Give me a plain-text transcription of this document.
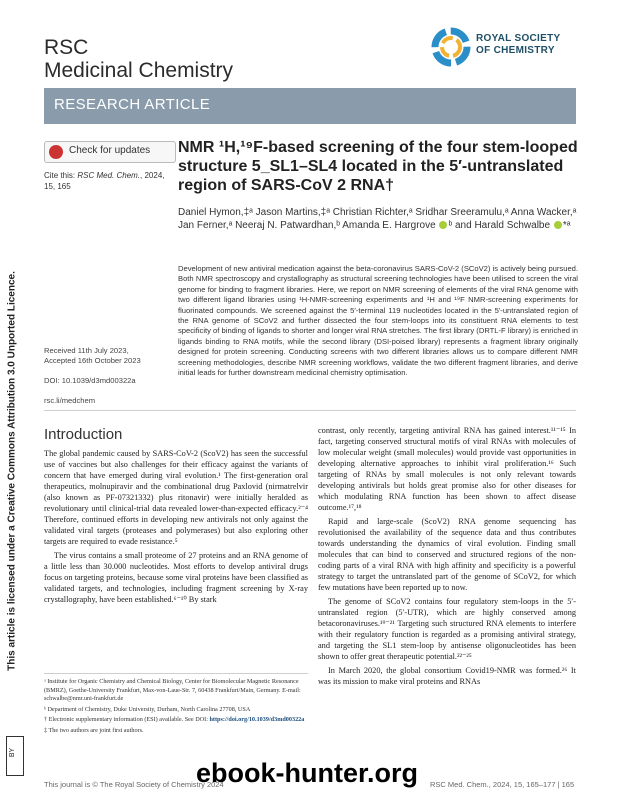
RSC
Medicinal Chemistry
ROYAL SOCIETY
OF CHEMISTRY
RESEARCH ARTICLE
Check for updates
Cite this: RSC Med. Chem., 2024, 15, 165
NMR ¹H,¹⁹F-based screening of the four stem-looped structure 5_SL1–SL4 located in the 5′-untranslated region of SARS-CoV 2 RNA†
Daniel Hymon,‡ᵃ Jason Martins,‡ᵃ Christian Richter,ᵃ Sridhar Sreeramulu,ᵃ Anna Wacker,ᵃ Jan Ferner,ᵃ Neeraj N. Patwardhan,ᵇ Amanda E. Hargrove ᵇ and Harald Schwalbe *ᵃ
Development of new antiviral medication against the beta-coronavirus SARS-CoV-2 (SCoV2) is actively being pursued. Both NMR spectroscopy and crystallography as structural screening technologies have been utilised to screen the viral genome for binding to fragment libraries. Here, we report on NMR screening of elements of the viral RNA genome with two different ligand libraries using ¹H-NMR-screening experiments and ¹H and ¹⁹F NMR-screening experiments for fluorinated compounds. We screened against the 5′-terminal 119 nucleotides located in the 5′-untranslated region of the RNA genome of SCoV2 and further dissected the four stem-loops into its constituent RNA elements to test specificity of binding of ligands to shorter and longer viral RNA stretches. The first library (DRTL-F library) is enriched in ligands binding to RNA motifs, while the second library (DSI-poised library) represents a fragment library originally designed for protein screening. Conducting screens with two different libraries allows us to compare different NMR screening methodologies, describe NMR screening workflows, validate the two different fragment libraries, and derive initial leads for further downstream medicinal chemistry optimisation.
Received 11th July 2023,
Accepted 16th October 2023
DOI: 10.1039/d3md00322a
rsc.li/medchem
Introduction

The global pandemic caused by SARS-CoV-2 (ScoV2) has seen the successful use of vaccines but also challenges for their efficacy against the variants of concern that have emerged during viral evolution.¹ The first-generation oral therapeutics, molnupiravir and the combinational drug Paxlovid (nirmatrelvir (also known as PF-07321332) plus ritonavir) were initially heralded as revolutionary until clinical-trial data revealed lower-than-expected efficacy.²⁻⁴ Therefore, continued efforts in developing new antivirals not only against the validated viral targets (proteases and polymerases) but also exploring other targets are required to evade resistance.⁵

The virus contains a small proteome of 27 proteins and an RNA genome of a little less than 30.000 nucleotides. Most efforts to develop antiviral drugs focus on targeting proteins, because some viral proteins have been classified as validated targets, and technologies, including fragment screening by X-ray crystallography, have been established.⁶⁻¹⁰ By stark

contrast, only recently, targeting antiviral RNA has gained interest.¹¹⁻¹⁵ In fact, targeting conserved structural motifs of viral RNAs with molecules of low molecular weight (small molecules) would provide vast opportunities in developing alternative approaches to inhibit viral proliferation.¹⁶ Such targeting of RNAs by small molecules is not only relevant towards developing antivirals but holds great promise also for other diseases for which modulating RNA function has been shown to affect disease outcome.¹⁷,¹⁸

Rapid and large-scale (ScoV2) RNA genome sequencing has revolutionised the availability of the sequence data and thus contributes towards understanding the dynamics of viral evolution. Finding small molecules that can bind to conserved and structured regions of the non-coding parts of a viral RNA with high affinity and specificity is a powerful strategy to target the untranslated part of the genome of SCoV2, for which few mutations have been reported up to now.

The genome of SCoV2 contains four regulatory stem-loops in the 5′-untranslated region (5′-UTR), which are highly conserved among betacoronaviruses.¹⁹⁻²¹ Targeting such structured RNA elements to interfere with their regulatory function is regarded as a promising antiviral strategy, and targeting the SL1 stem-loop by antisense oligonucleotides has been shown to offer great therapeutic potential.²²⁻²⁵

In March 2020, the global consortium Covid19-NMR was formed.²⁶ It was its mission to make viral proteins and RNAs

ᵃ Institute for Organic Chemistry and Chemical Biology, Center for Biomolecular Magnetic Resonance (BMRZ), Goethe-University Frankfurt, Max-von-Laue-Str. 7, 60438 Frankfurt/Main, Germany. E-mail: schwalbe@nmr.uni-frankfurt.de

ᵇ Department of Chemistry, Duke University, Durham, North Carolina 27708, USA

† Electronic supplementary information (ESI) available. See DOI: https://doi.org/10.1039/d3md00322a

‡ The two authors are joint first authors.

This article is licensed under a Creative Commons Attribution 3.0 Unported Licence.
BY
This journal is © The Royal Society of Chemistry 2024	RSC Med. Chem., 2024, 15, 165–177 | 165
ebook-hunter.org
